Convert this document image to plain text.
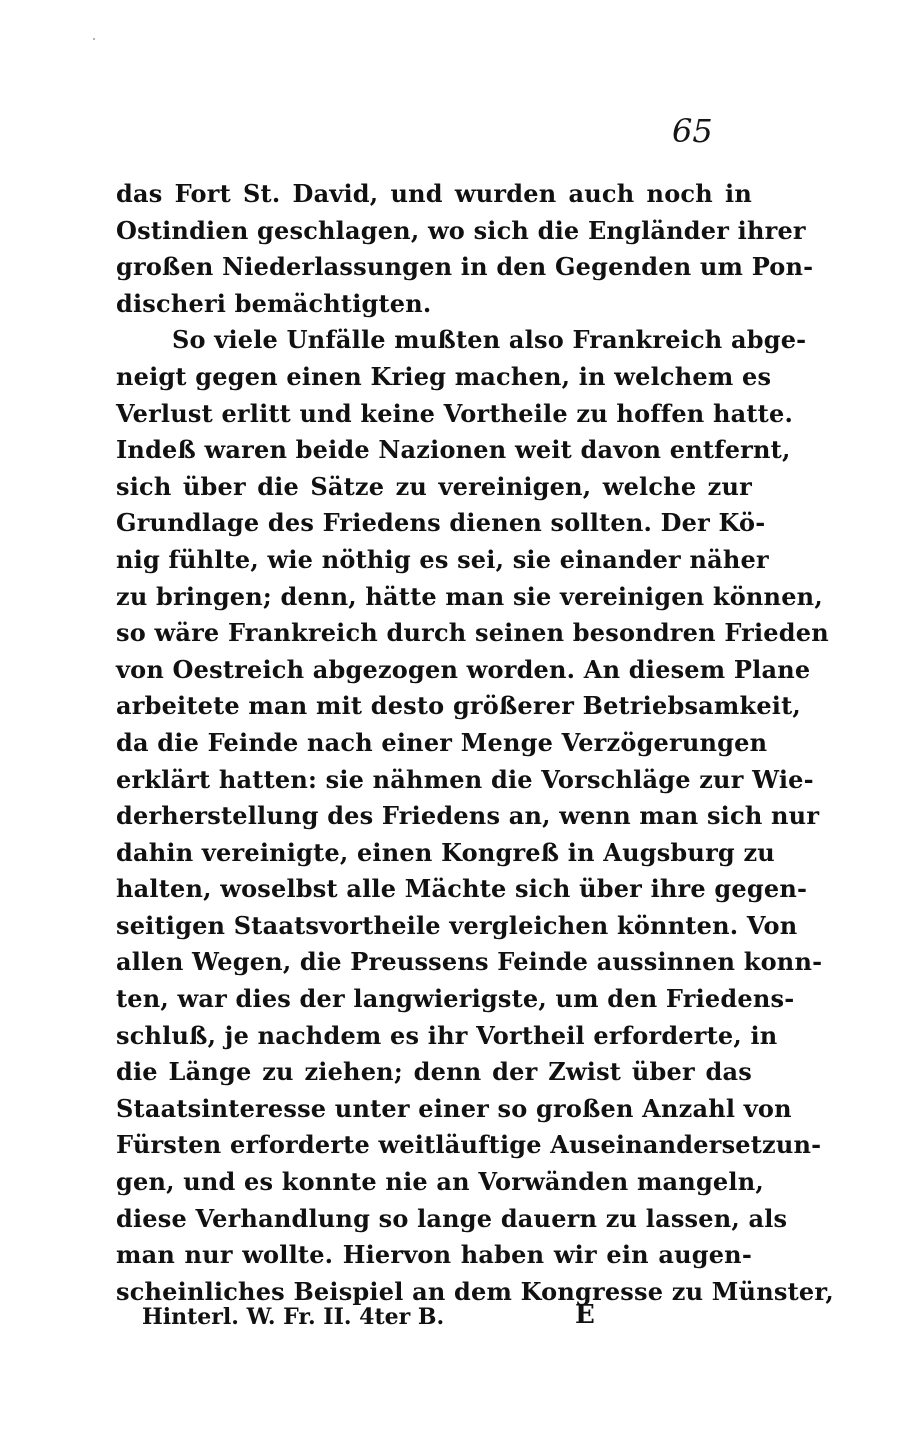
65
das Fort St. David, und wurden auch noch in
Ostindien geschlagen, wo sich die Engländer ihrer
großen Niederlassungen in den Gegenden um Pon-
discheri bemächtigten.
So viele Unfälle mußten also Frankreich abge-
neigt gegen einen Krieg machen, in welchem es
Verlust erlitt und keine Vortheile zu hoffen hatte.
Indeß waren beide Nazionen weit davon entfernt,
sich über die Sätze zu vereinigen, welche zur
Grundlage des Friedens dienen sollten. Der Kö-
nig fühlte, wie nöthig es sei, sie einander näher
zu bringen; denn, hätte man sie vereinigen können,
so wäre Frankreich durch seinen besondren Frieden
von Oestreich abgezogen worden. An diesem Plane
arbeitete man mit desto größerer Betriebsamkeit,
da die Feinde nach einer Menge Verzögerungen
erklärt hatten: sie nähmen die Vorschläge zur Wie-
derherstellung des Friedens an, wenn man sich nur
dahin vereinigte, einen Kongreß in Augsburg zu
halten, woselbst alle Mächte sich über ihre gegen-
seitigen Staatsvortheile vergleichen könnten. Von
allen Wegen, die Preussens Feinde aussinnen konn-
ten, war dies der langwierigste, um den Friedens-
schluß, je nachdem es ihr Vortheil erforderte, in
die Länge zu ziehen; denn der Zwist über das
Staatsinteresse unter einer so großen Anzahl von
Fürsten erforderte weitläuftige Auseinandersetzun-
gen, und es konnte nie an Vorwänden mangeln,
diese Verhandlung so lange dauern zu lassen, als
man nur wollte. Hiervon haben wir ein augen-
scheinliches Beispiel an dem Kongresse zu Münster,
Hinterl. W. Fr. II. 4ter B.	E
